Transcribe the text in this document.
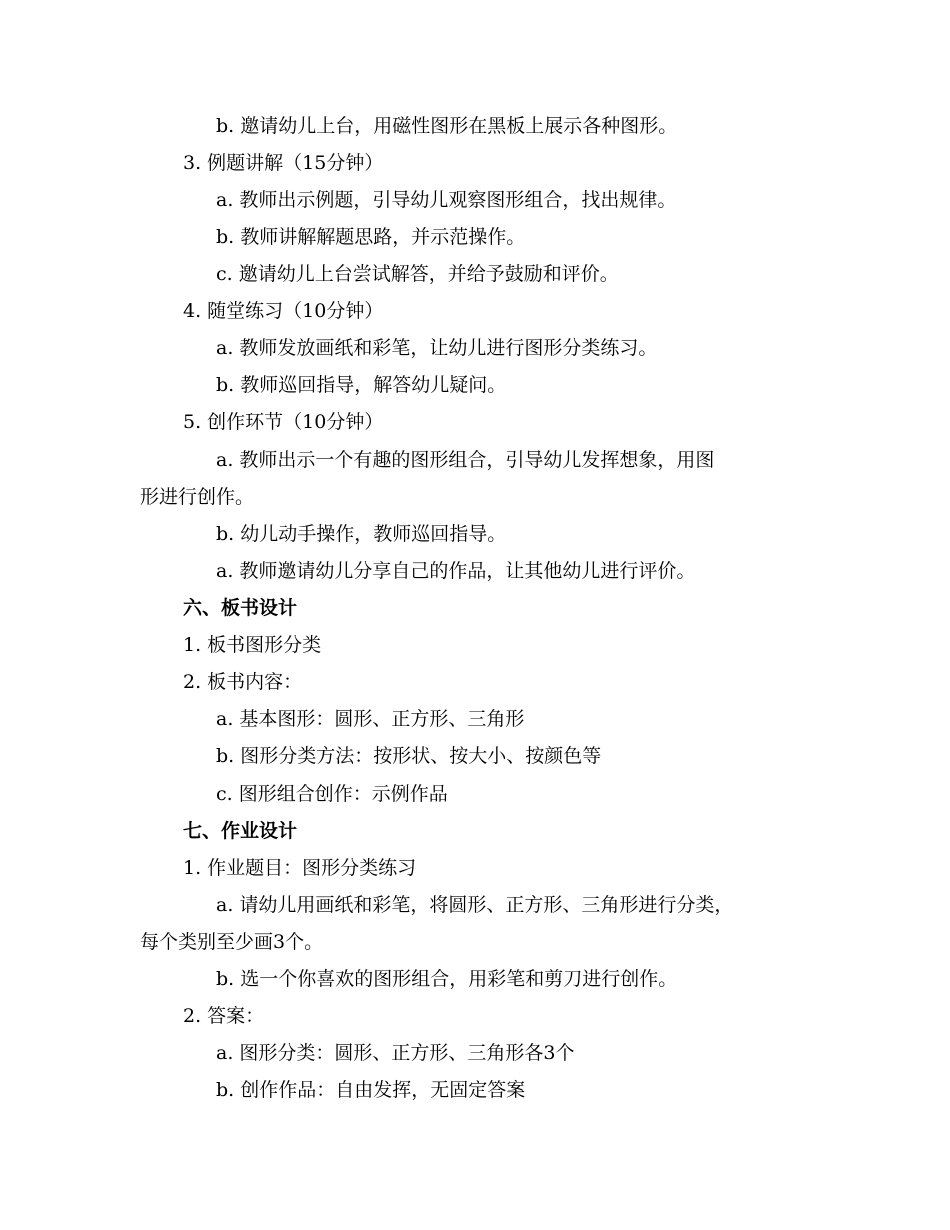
b. 邀请幼儿上台，用磁性图形在黑板上展示各种图形。
3. 例题讲解（15分钟）
a. 教师出示例题，引导幼儿观察图形组合，找出规律。
b. 教师讲解解题思路，并示范操作。
c. 邀请幼儿上台尝试解答，并给予鼓励和评价。
4. 随堂练习（10分钟）
a. 教师发放画纸和彩笔，让幼儿进行图形分类练习。
b. 教师巡回指导，解答幼儿疑问。
5. 创作环节（10分钟）
a. 教师出示一个有趣的图形组合，引导幼儿发挥想象，用图
形进行创作。
b. 幼儿动手操作，教师巡回指导。
a. 教师邀请幼儿分享自己的作品，让其他幼儿进行评价。
六、板书设计
1. 板书图形分类
2. 板书内容：
a. 基本图形：圆形、正方形、三角形
b. 图形分类方法：按形状、按大小、按颜色等
c. 图形组合创作：示例作品
七、作业设计
1. 作业题目：图形分类练习
a. 请幼儿用画纸和彩笔，将圆形、正方形、三角形进行分类，
每个类别至少画3个。
b. 选一个你喜欢的图形组合，用彩笔和剪刀进行创作。
2. 答案：
a. 图形分类：圆形、正方形、三角形各3个
b. 创作作品：自由发挥，无固定答案
